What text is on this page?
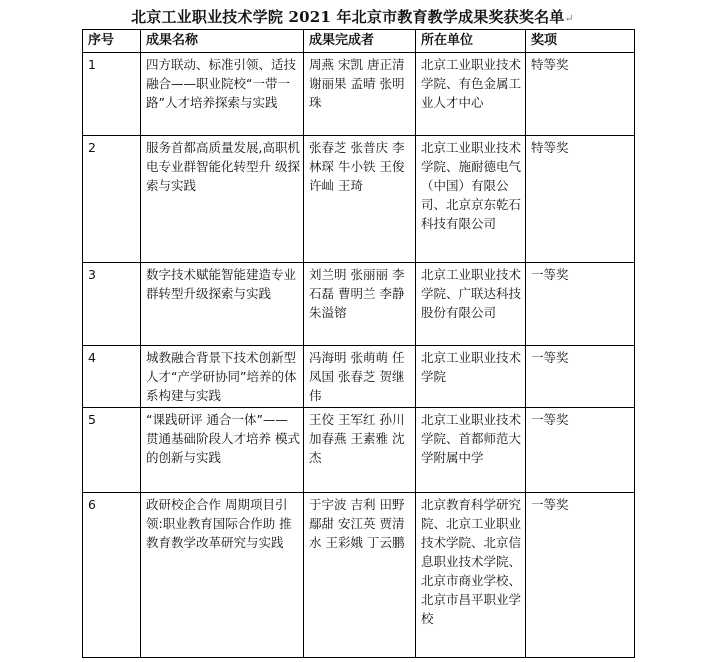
北京工业职业技术学院 2021 年北京市教育教学成果奖获奖名单↵
序号	成果名称	成果完成者	所在单位	奖项
1	四方联动、标准引领、适技融合——职业院校“一带一路”人才培养探索与实践	周燕 宋凯 唐正清 谢丽果 孟晴 张明珠	北京工业职业技术学院、有色金属工业人才中心	特等奖
2	服务首都高质量发展,高职机电专业群智能化转型升 级探索与实践	张春芝 张普庆 李林琛 牛小铁 王俊 许屾 王琦	北京工业职业技术学院、施耐德电气（中国）有限公司、北京京东乾石科技有限公司	特等奖
3	数字技术赋能智能建造专业群转型升级探索与实践	刘兰明 张丽丽 李石磊 曹明兰 李静 朱溢镕	北京工业职业技术学院、广联达科技股份有限公司	一等奖
4	城教融合背景下技术创新型人才“产学研协同”培养的体系构建与实践	冯海明 张萌萌 任凤国 张春芝 贺继伟	北京工业职业技术学院	一等奖
5	“课践研评 通合一体”——贯通基础阶段人才培养 模式的创新与实践	王佼 王军红 孙川 加春燕 王素雅 沈杰	北京工业职业技术学院、首都师范大学附属中学	一等奖
6	政研校企合作 周期项目引领:职业教育国际合作助 推教育教学改革研究与实践	于宇波 吉利 田野 鄢甜 安江英 贾清水 王彩娥 丁云鹏	北京教育科学研究院、北京工业职业技术学院、北京信息职业技术学院、北京市商业学校、北京市昌平职业学校	一等奖
